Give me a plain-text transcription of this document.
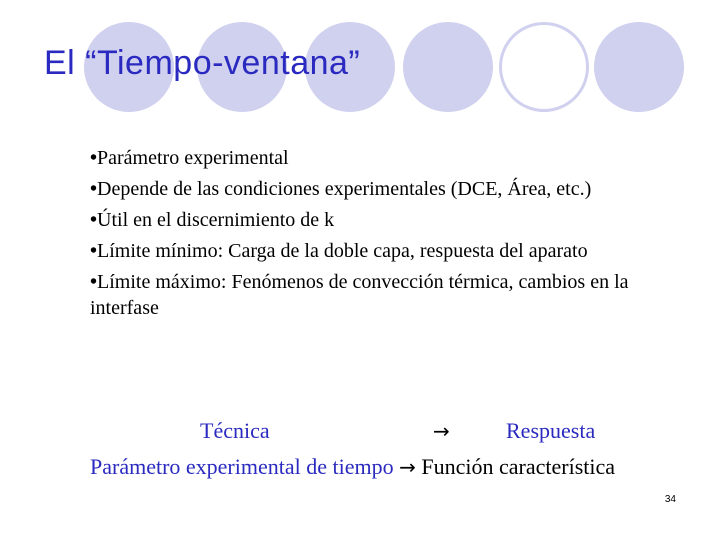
El “Tiempo-ventana”
•Parámetro experimental
•Depende de las condiciones experimentales (DCE, Área, etc.)
•Útil en el discernimiento de k
•Límite mínimo: Carga de la doble capa, respuesta del aparato
•Límite máximo: Fenómenos de convección térmica, cambios en la interfase
Técnica	→	Respuesta
Parámetro experimental de tiempo → Función característica
34
